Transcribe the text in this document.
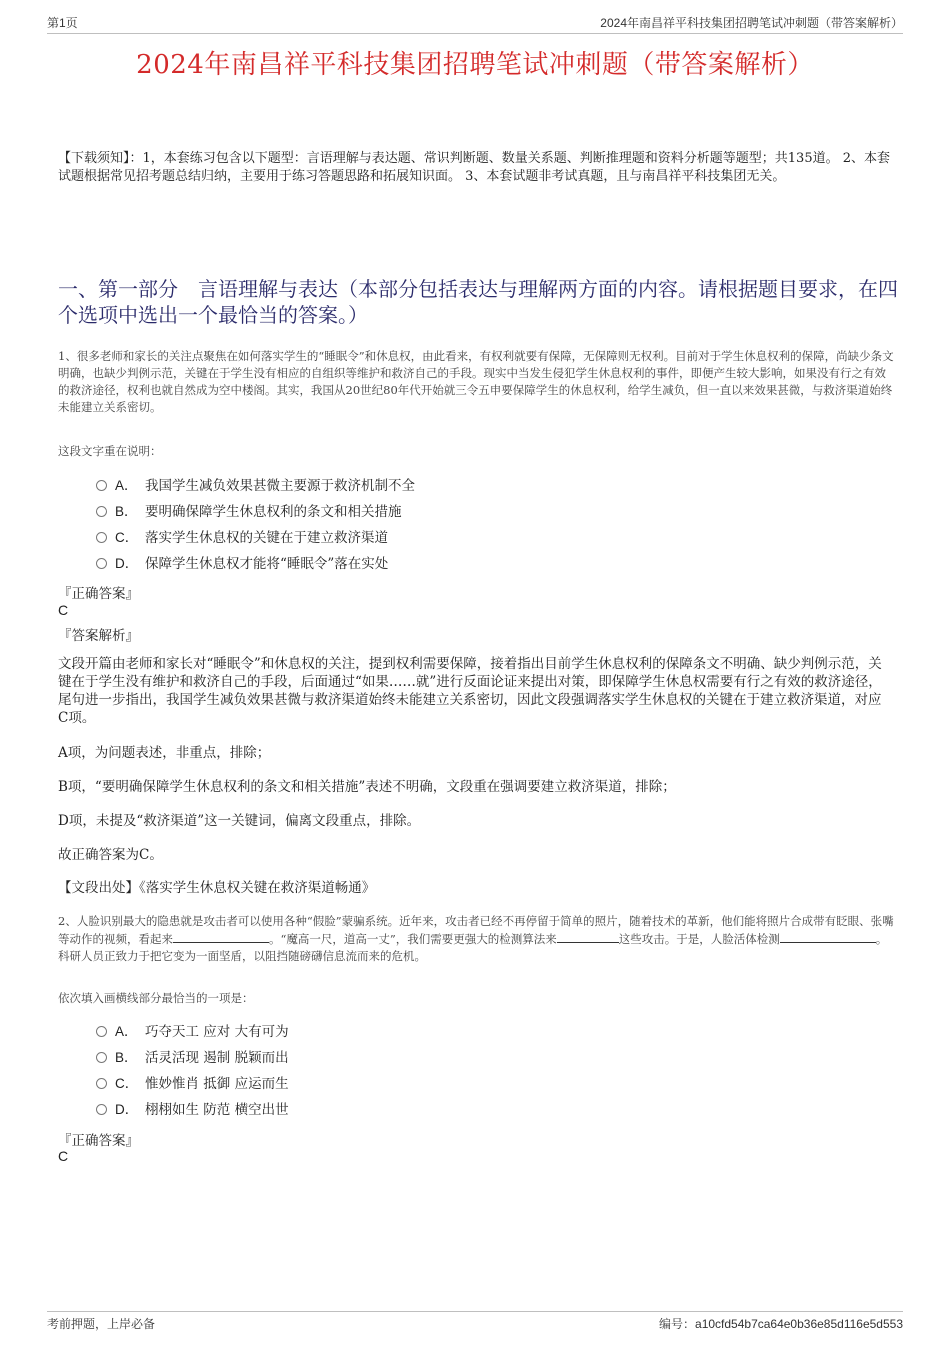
第1页	2024年南昌祥平科技集团招聘笔试冲刺题（带答案解析）
2024年南昌祥平科技集团招聘笔试冲刺题（带答案解析）
【下载须知】：1，本套练习包含以下题型：言语理解与表达题、常识判断题、数量关系题、判断推理题和资料分析题等题型；共135道。 2、本套试题根据常见招考题总结归纳，主要用于练习答题思路和拓展知识面。 3、本套试题非考试真题，且与南昌祥平科技集团无关。
一、第一部分　言语理解与表达（本部分包括表达与理解两方面的内容。请根据题目要求，在四个选项中选出一个最恰当的答案。）
1、很多老师和家长的关注点聚焦在如何落实学生的“睡眠令”和休息权，由此看来，有权利就要有保障，无保障则无权利。目前对于学生休息权利的保障，尚缺少条文明确，也缺少判例示范，关键在于学生没有相应的自组织等维护和救济自己的手段。现实中当发生侵犯学生休息权利的事件，即便产生较大影响，如果没有行之有效的救济途径，权利也就自然成为空中楼阁。其实，我国从20世纪80年代开始就三令五申要保障学生的休息权利，给学生减负，但一直以来效果甚微，与救济渠道始终未能建立关系密切。
这段文字重在说明：
A． 我国学生减负效果甚微主要源于救济机制不全
B． 要明确保障学生休息权利的条文和相关措施
C． 落实学生休息权的关键在于建立救济渠道
D． 保障学生休息权才能将“睡眠令”落在实处
『正确答案』
C
『答案解析』
文段开篇由老师和家长对“睡眠令”和休息权的关注，提到权利需要保障，接着指出目前学生休息权利的保障条文不明确、缺少判例示范，关键在于学生没有维护和救济自己的手段，后面通过“如果……就”进行反面论证来提出对策，即保障学生休息权需要有行之有效的救济途径，尾句进一步指出，我国学生减负效果甚微与救济渠道始终未能建立关系密切，因此文段强调落实学生休息权的关键在于建立救济渠道，对应C项。
A项，为问题表述，非重点，排除；
B项，“要明确保障学生休息权利的条文和相关措施”表述不明确，文段重在强调要建立救济渠道，排除；
D项，未提及“救济渠道”这一关键词，偏离文段重点，排除。
故正确答案为C。
【文段出处】《落实学生休息权关键在救济渠道畅通》
2、人脸识别最大的隐患就是攻击者可以使用各种“假脸”蒙骗系统。近年来，攻击者已经不再停留于简单的照片，随着技术的革新，他们能将照片合成带有眨眼、张嘴等动作的视频，看起来	。“魔高一尺，道高一丈”，我们需要更强大的检测算法来	这些攻击。于是，人脸活体检测	。科研人员正致力于把它变为一面坚盾，以阻挡随磅礴信息流而来的危机。
依次填入画横线部分最恰当的一项是：
A． 巧夺天工 应对 大有可为
B． 活灵活现 遏制 脱颖而出
C． 惟妙惟肖 抵御 应运而生
D． 栩栩如生 防范 横空出世
『正确答案』
C
考前押题，上岸必备	编号：a10cfd54b7ca64e0b36e85d116e5d553
